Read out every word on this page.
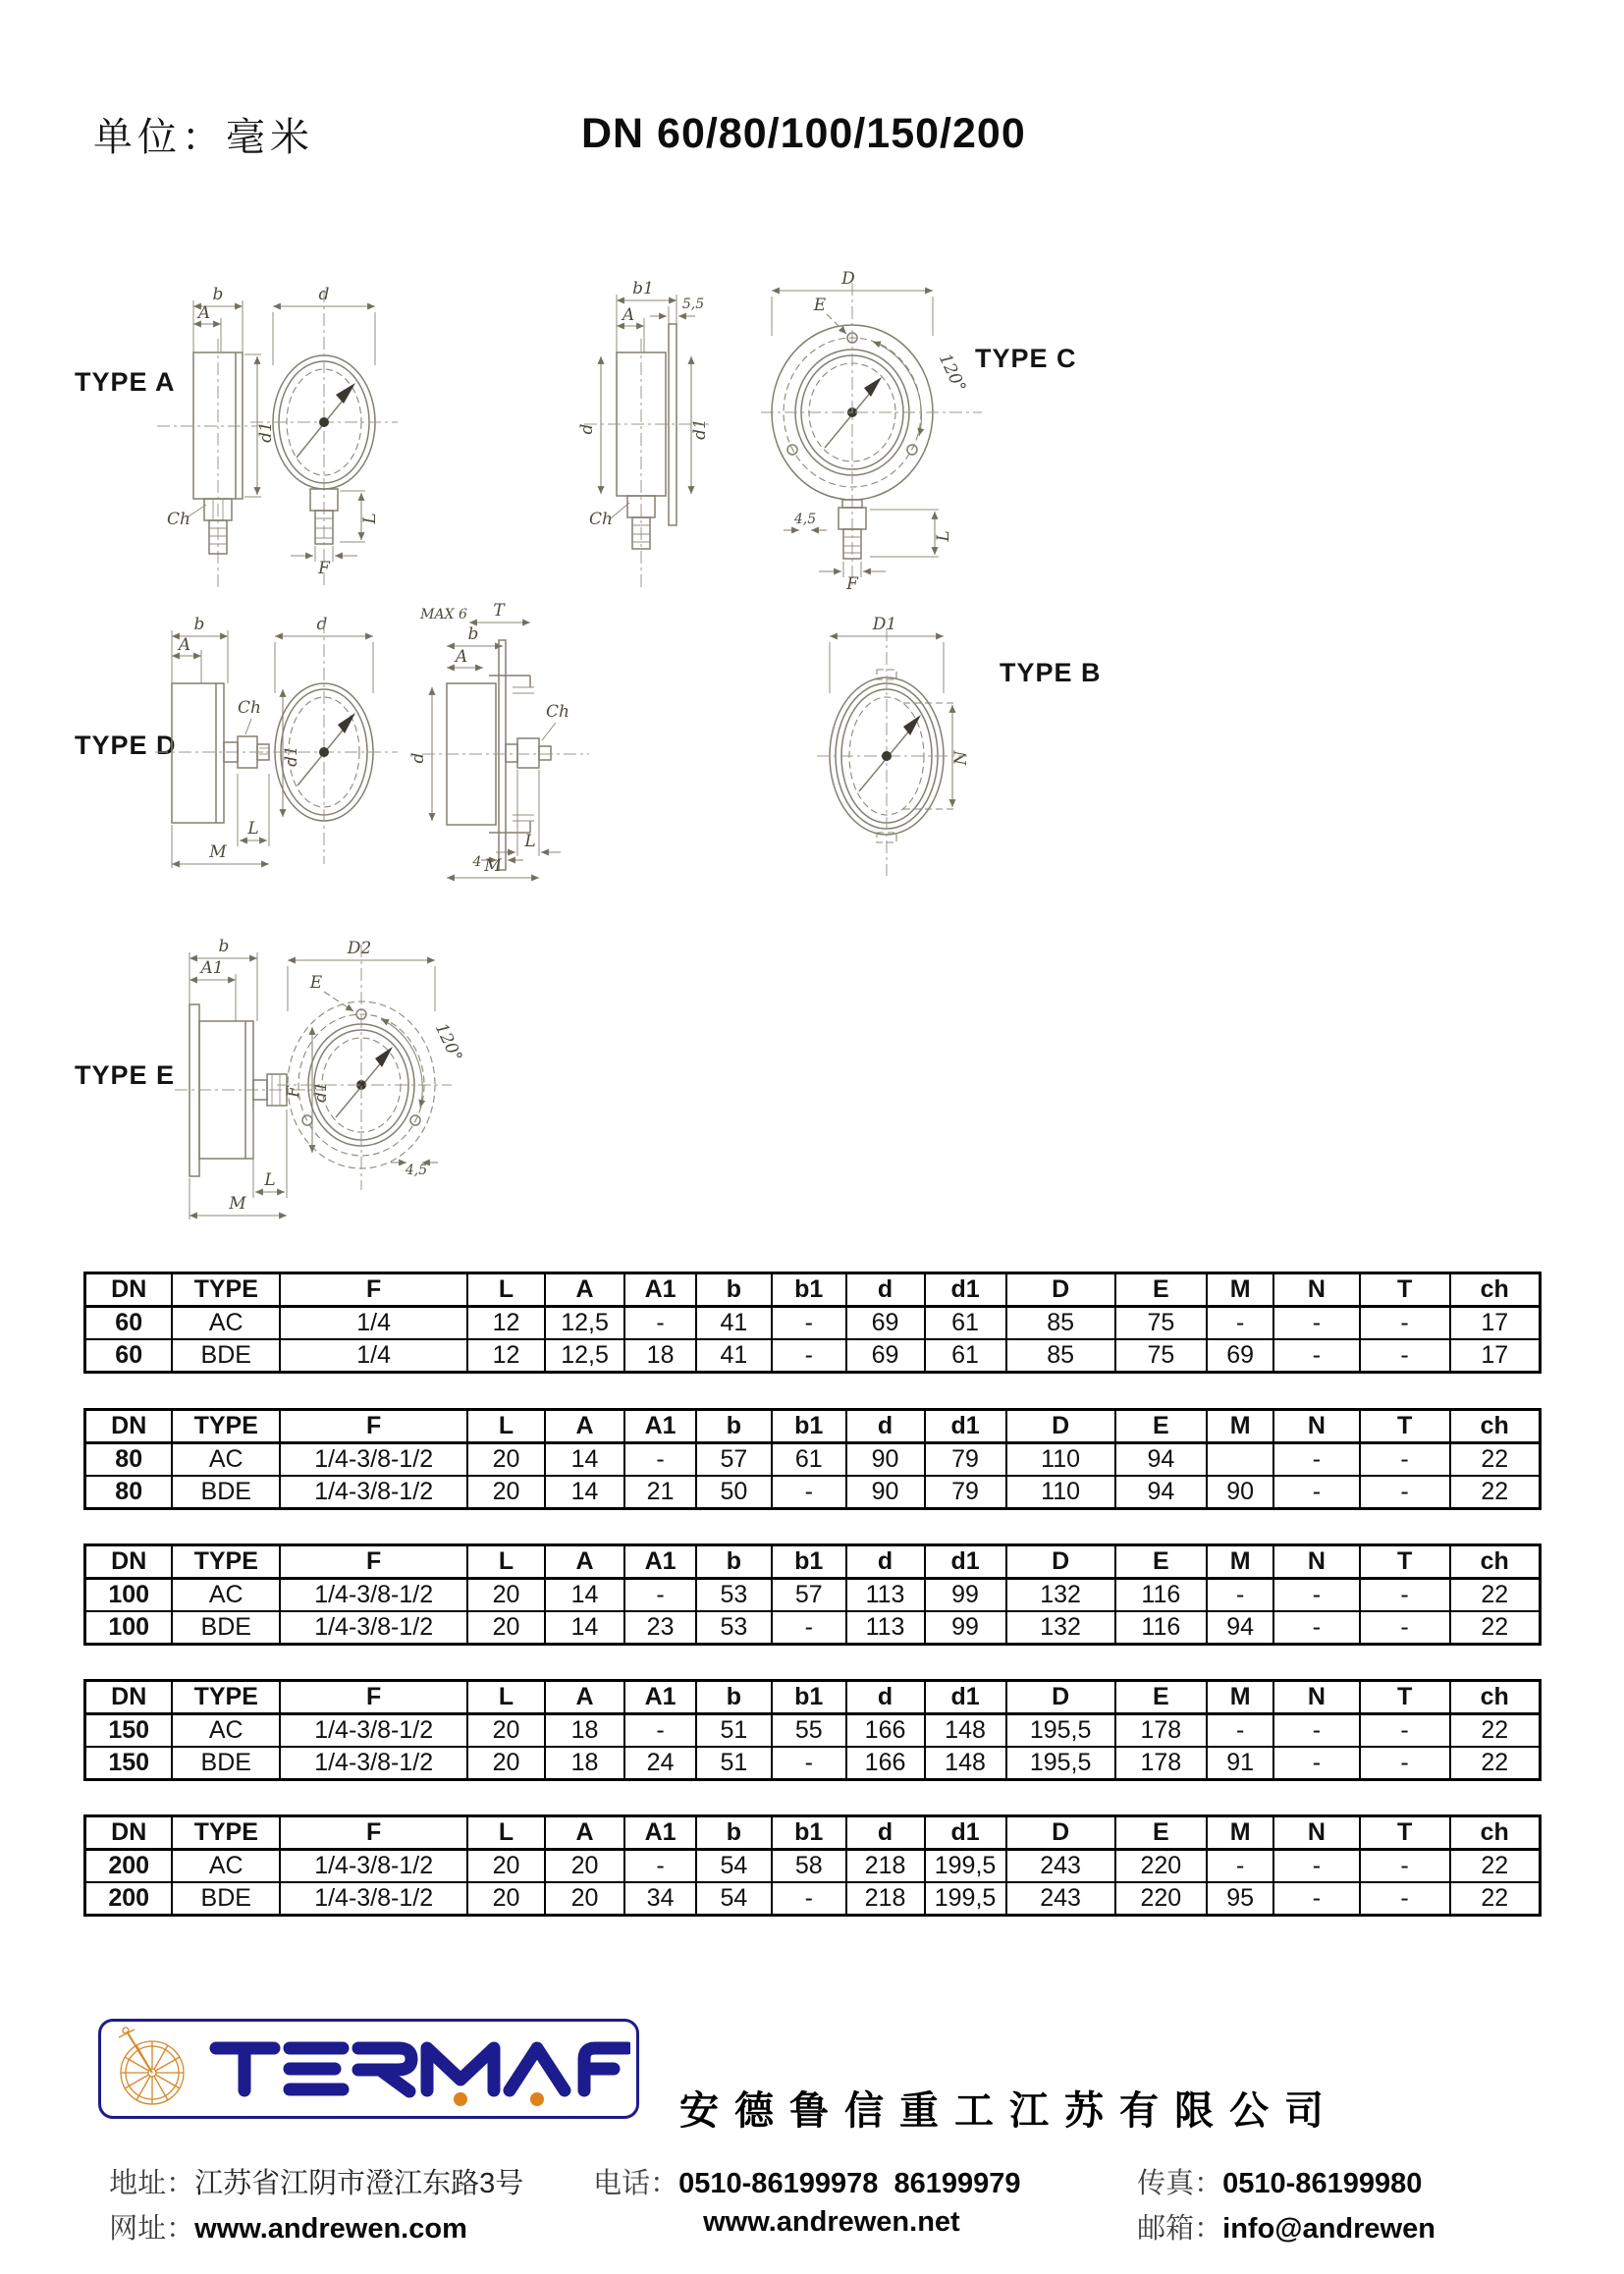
单位：毫米	DN 60/80/100/150/200
TYPE A
TYPE C
TYPE D
TYPE B
TYPE E
b
A
d1
Ch
d
L
F
b1
5,5
A
d	d1
Ch
D
E
120°
4,5
L
F
b
A
Ch
d1
L
M
d	MAX 6 T
b
A
Ch
d
4
L
M
D1
N
b
A1
F d1
L
M
D2
E
120°
4,5
DN	TYPE	F	L	A	A1	b	b1	d	d1	D	E	M	N	T	ch
60	AC	1/4	12	12,5	-	41	-	69	61	85	75	-	-	-	17
60	BDE	1/4	12	12,5	18	41	-	69	61	85	75	69	-	-	17
DN	TYPE	F	L	A	A1	b	b1	d	d1	D	E	M	N	T	ch
80	AC	1/4-3/8-1/2	20	14	-	57	61	90	79	110	94		-	-	22
80	BDE	1/4-3/8-1/2	20	14	21	50	-	90	79	110	94	90	-	-	22
DN	TYPE	F	L	A	A1	b	b1	d	d1	D	E	M	N	T	ch
100	AC	1/4-3/8-1/2	20	14	-	53	57	113	99	132	116	-	-	-	22
100	BDE	1/4-3/8-1/2	20	14	23	53	-	113	99	132	116	94	-	-	22
DN	TYPE	F	L	A	A1	b	b1	d	d1	D	E	M	N	T	ch
150	AC	1/4-3/8-1/2	20	18	-	51	55	166	148	195,5	178	-	-	-	22
150	BDE	1/4-3/8-1/2	20	18	24	51	-	166	148	195,5	178	91	-	-	22
DN	TYPE	F	L	A	A1	b	b1	d	d1	D	E	M	N	T	ch
200	AC	1/4-3/8-1/2	20	20	-	54	58	218	199,5	243	220	-	-	-	22
200	BDE	1/4-3/8-1/2	20	20	34	54	-	218	199,5	243	220	95	-	-	22
安德鲁信重工江苏有限公司

地址：江苏省江阴市澄江东路3号	电话：0510-86199978  86199979	传真：0510-86199980

网址：www.andrewen.com	www.andrewen.net	邮箱：info@andrewen
